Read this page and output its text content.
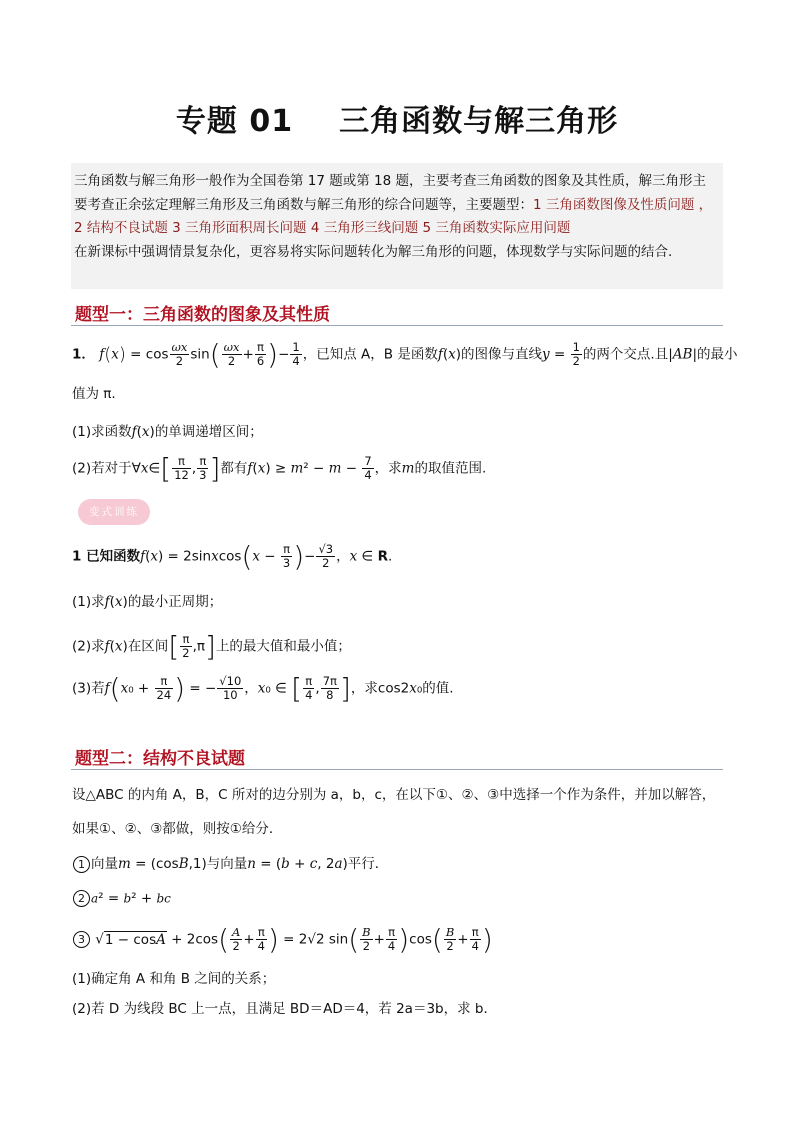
专题 01 三角函数与解三角形
三角函数与解三角形一般作为全国卷第 17 题或第 18 题，主要考查三角函数的图象及其性质，解三角形主要考查正余弦定理解三角形及三角函数与解三角形的综合问题等，主要题型：1 三角函数图像及性质问题 ，2 结构不良试题 3 三角形面积周长问题 4 三角形三线问题 5 三角函数实际应用问题
在新课标中强调情景复杂化，更容易将实际问题转化为解三角形的问题，体现数学与实际问题的结合.
题型一：三角函数的图象及其性质
1． $f(x) = \cos \frac{\omega x}{2} \sin( \frac{\omega x}{2} + \frac{\pi}{6}$ )− $\frac{1}{4}$ ，已知点 A，B 是函数f(x)的图像与直线$y = \frac{1}{2}$ 的两个交点.且|AB|的最小
值为 π.
(1)求函数f(x)的单调递增区间；
(2)若对于∀x∈[ $\frac{\pi}{12}$ , $\frac{\pi}{3}$ ]都有$f(x) \ge m^2 - m - \frac{7}{4}$ ，求m的取值范围.
变式训练
1 已知函数f(x) = 2sinxcos(x − $\frac{\pi}{3}$ )− $\frac{√3}{2}$ ，x ∈ R.
(1)求f(x)的最小正周期；
(2)求f(x)在区间[ $\frac{\pi}{2} ,\pi$]上的最大值和最小值；
(3)若$f(x_0 + \frac{\pi}{24}$ ) = − $\frac{√10}{10}$ ，x₀ ∈ [ $\frac{\pi}{4}$ , $\frac{7\pi}{8}$ ]，求cos2x₀的值.
题型二：结构不良试题
设△ABC 的内角 A，B，C 所对的边分别为 a，b，c，在以下①、②、③中选择一个作为条件，并加以解答，
如果①、②、③都做，则按①给分．
1 向量m = (cosB,1)与向量n = (b + c, 2a)平行．
2 a² = b² + bc
3 $√1 - \cos A + 2\cos( \frac{A}{2} + \frac{\pi}{4}$ ) = 2√2 $\sin( \frac{B}{2} + \frac{\pi}{4} )\cos( \frac{B}{2} + \frac{\pi}{4}$ )
(1)确定角 A 和角 B 之间的关系；
(2)若 D 为线段 BC 上一点，且满足 BD＝AD＝4，若 2a＝3b，求 b．
